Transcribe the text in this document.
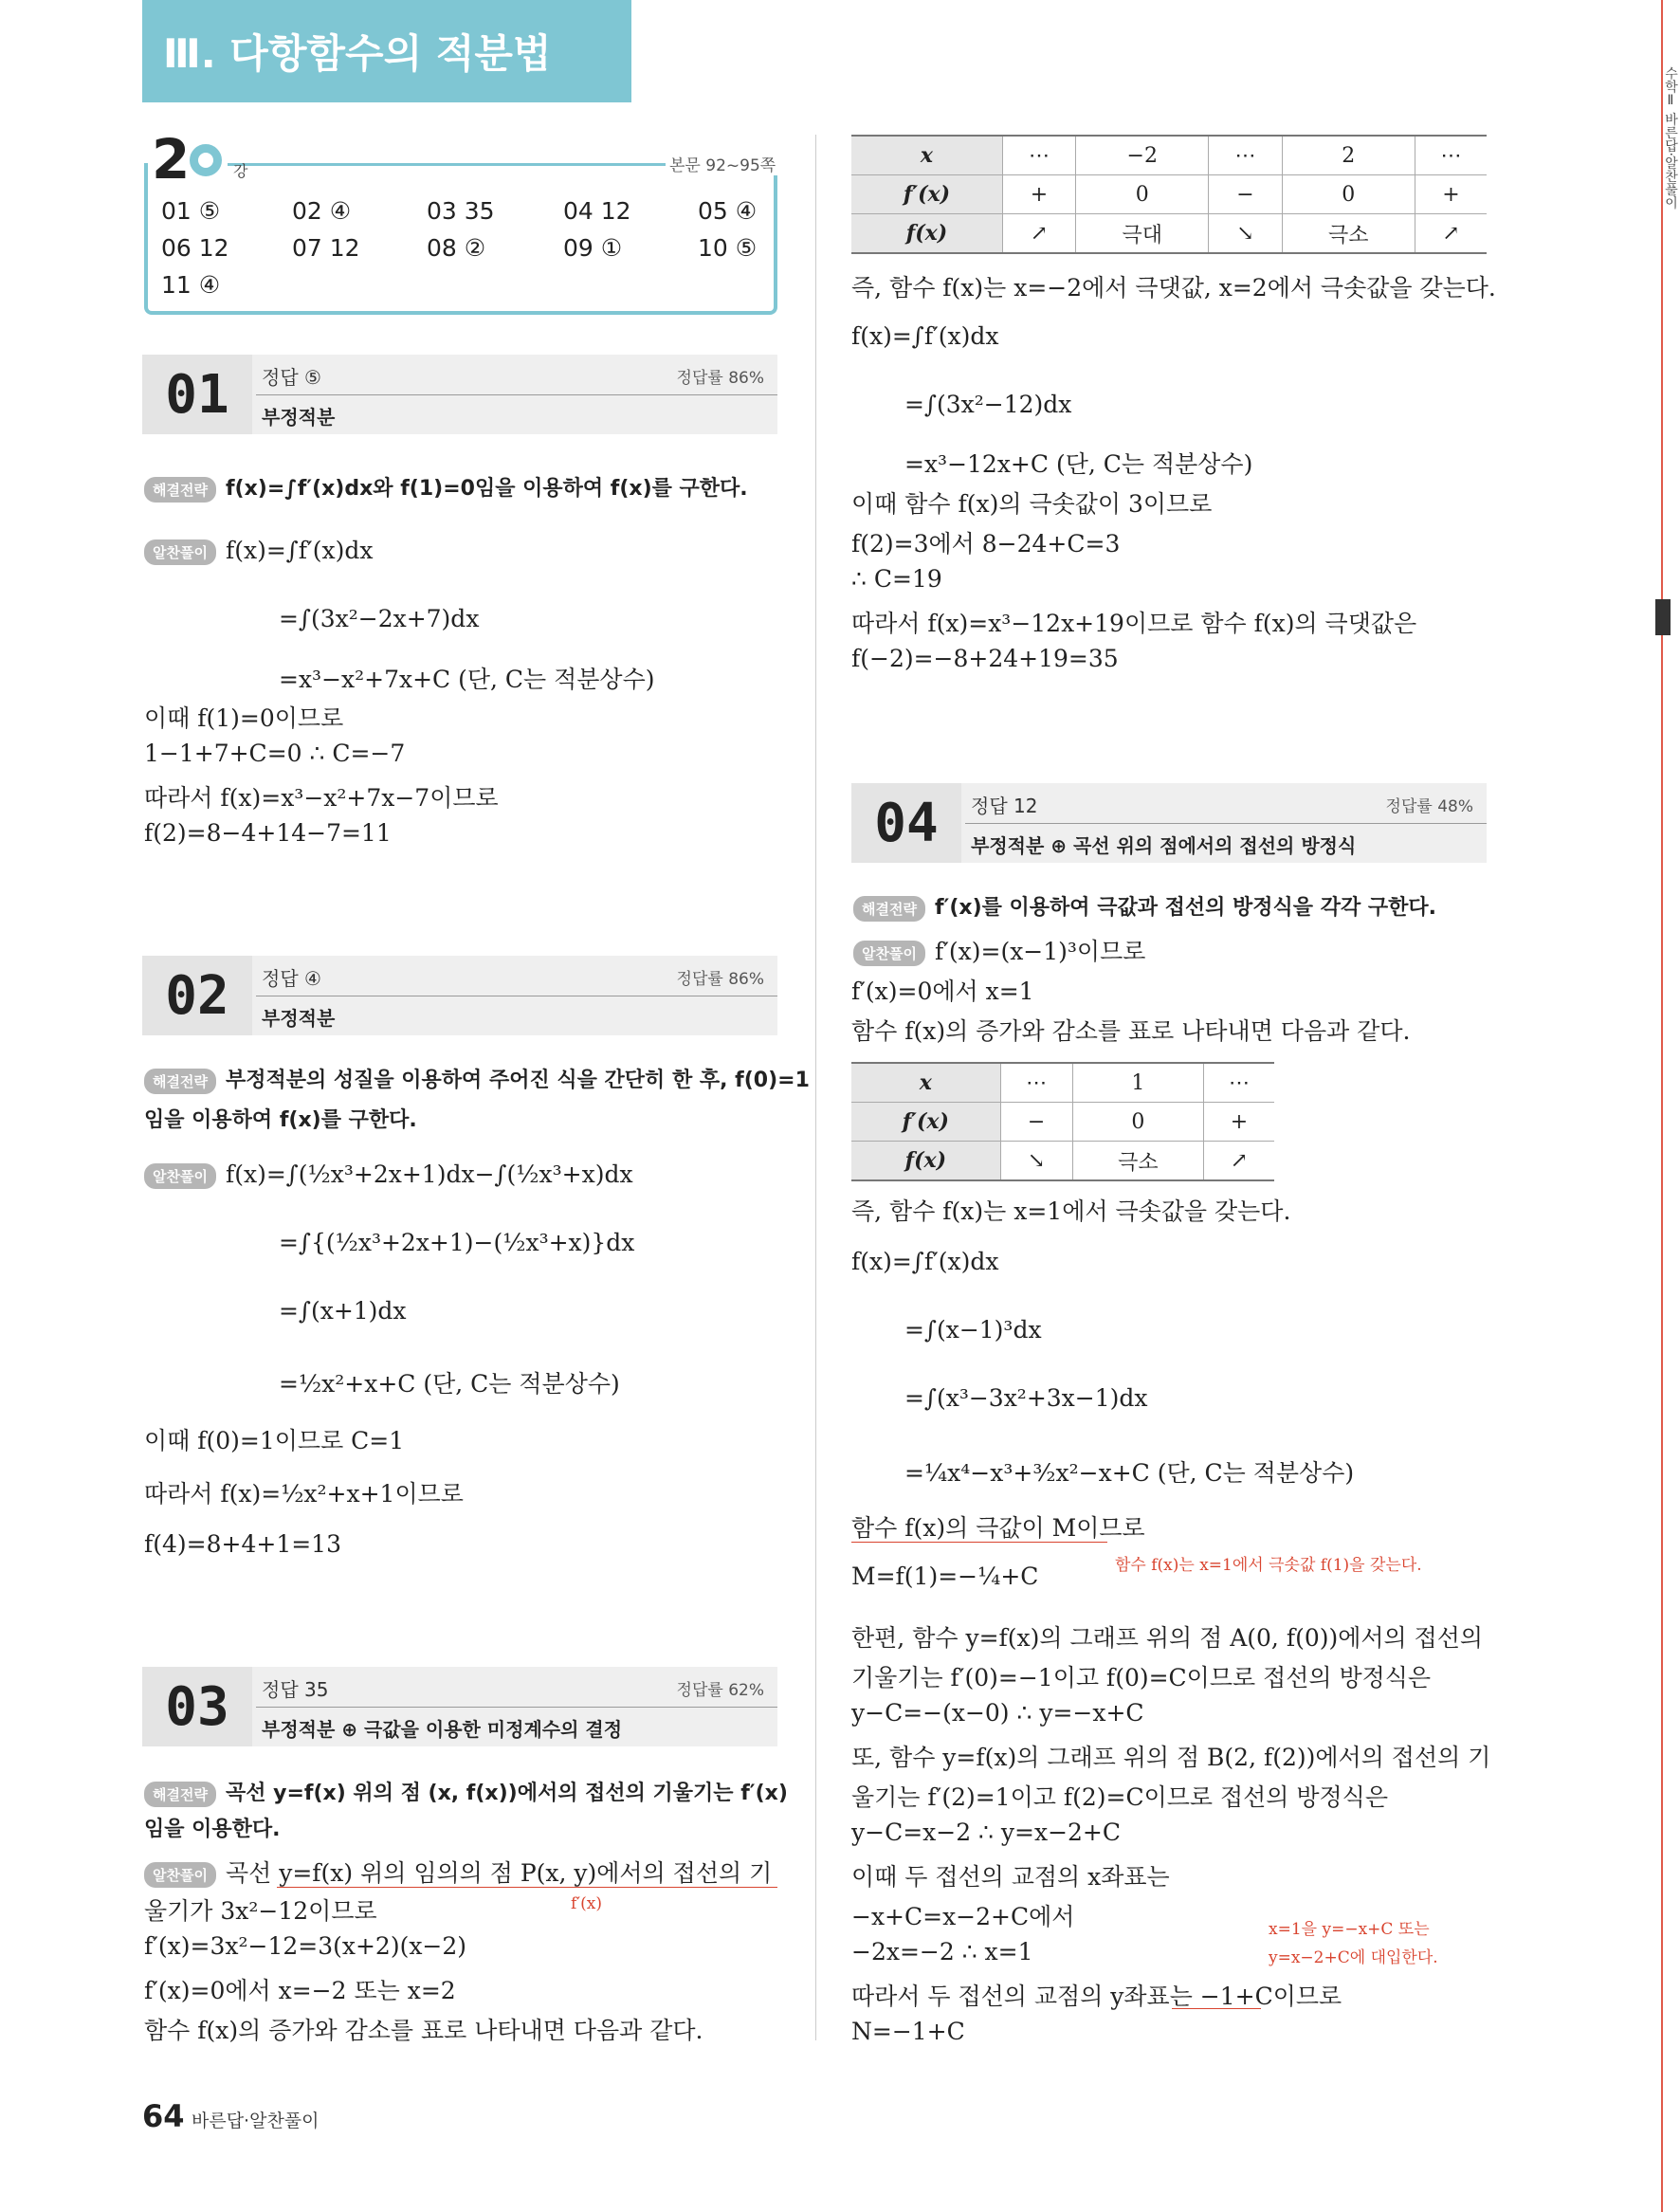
Ⅲ. 다항함수의 적분법
수학Ⅱ 바른답·알찬풀이
2	강	본문 92~95쪽
01 ⑤	02 ④	03 35	04 12	05 ④
06 12	07 12	08 ②	09 ①	10 ⑤
11 ④
01	정답 ⑤	정답률 86%
부정적분
해결전략 f(x)=∫f′(x)dx와 f(1)=0임을 이용하여 f(x)를 구한다.
알찬풀이 f(x)=∫f′(x)dx
=∫(3x²−2x+7)dx
=x³−x²+7x+C (단, C는 적분상수)
이때 f(1)=0이므로
1−1+7+C=0 ∴ C=−7
따라서 f(x)=x³−x²+7x−7이므로
f(2)=8−4+14−7=11
02	정답 ④	정답률 86%
부정적분
해결전략 부정적분의 성질을 이용하여 주어진 식을 간단히 한 후, f(0)=1
임을 이용하여 f(x)를 구한다.
알찬풀이 f(x)=∫(½x³+2x+1)dx−∫(½x³+x)dx
=∫{(½x³+2x+1)−(½x³+x)}dx
=∫(x+1)dx
=½x²+x+C (단, C는 적분상수)
이때 f(0)=1이므로 C=1
따라서 f(x)=½x²+x+1이므로
f(4)=8+4+1=13
03	정답 35	정답률 62%
부정적분 ⊕ 극값을 이용한 미정계수의 결정
해결전략 곡선 y=f(x) 위의 점 (x, f(x))에서의 접선의 기울기는 f′(x)
임을 이용한다.
알찬풀이 곡선 y=f(x) 위의 임의의 점 P(x, y)에서의 접선의 기
f′(x)
울기가 3x²−12이므로
f′(x)=3x²−12=3(x+2)(x−2)
f′(x)=0에서 x=−2 또는 x=2
함수 f(x)의 증가와 감소를 표로 나타내면 다음과 같다.
x	⋯	−2	⋯	2	⋯
f′(x)	+	0	−	0	+
f(x)	↗	극대	↘	극소	↗
즉, 함수 f(x)는 x=−2에서 극댓값, x=2에서 극솟값을 갖는다.
f(x)=∫f′(x)dx
=∫(3x²−12)dx
=x³−12x+C (단, C는 적분상수)
이때 함수 f(x)의 극솟값이 3이므로
f(2)=3에서 8−24+C=3
∴ C=19
따라서 f(x)=x³−12x+19이므로 함수 f(x)의 극댓값은
f(−2)=−8+24+19=35
04	정답 12	정답률 48%
부정적분 ⊕ 곡선 위의 점에서의 접선의 방정식
해결전략 f′(x)를 이용하여 극값과 접선의 방정식을 각각 구한다.
알찬풀이 f′(x)=(x−1)³이므로
f′(x)=0에서 x=1
함수 f(x)의 증가와 감소를 표로 나타내면 다음과 같다.
x	⋯	1	⋯
f′(x)	−	0	+
f(x)	↘	극소	↗
즉, 함수 f(x)는 x=1에서 극솟값을 갖는다.
f(x)=∫f′(x)dx
=∫(x−1)³dx
=∫(x³−3x²+3x−1)dx
=¼x⁴−x³+³⁄₂x²−x+C (단, C는 적분상수)
함수 f(x)의 극값이 M이므로
함수 f(x)는 x=1에서 극솟값 f(1)을 갖는다.
M=f(1)=−¼+C
한편, 함수 y=f(x)의 그래프 위의 점 A(0, f(0))에서의 접선의
기울기는 f′(0)=−1이고 f(0)=C이므로 접선의 방정식은
y−C=−(x−0) ∴ y=−x+C
또, 함수 y=f(x)의 그래프 위의 점 B(2, f(2))에서의 접선의 기
울기는 f′(2)=1이고 f(2)=C이므로 접선의 방정식은
y−C=x−2 ∴ y=x−2+C
이때 두 접선의 교점의 x좌표는
−x+C=x−2+C에서	x=1을 y=−x+C 또는
y=x−2+C에 대입한다.
−2x=−2 ∴ x=1
따라서 두 접선의 교점의 y좌표는 −1+C이므로
N=−1+C
64 바른답·알찬풀이
